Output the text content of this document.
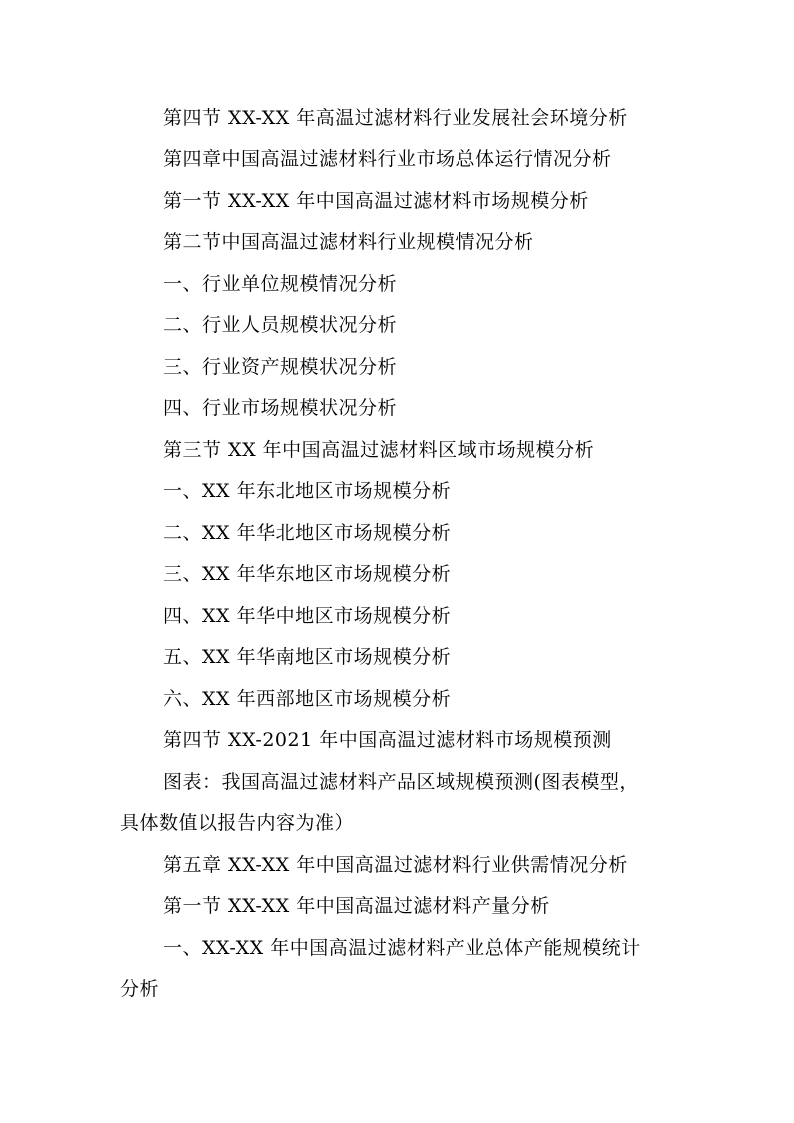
第四节 XX-XX 年高温过滤材料行业发展社会环境分析
第四章中国高温过滤材料行业市场总体运行情况分析
第一节 XX-XX 年中国高温过滤材料市场规模分析
第二节中国高温过滤材料行业规模情况分析
一、行业单位规模情况分析
二、行业人员规模状况分析
三、行业资产规模状况分析
四、行业市场规模状况分析
第三节 XX 年中国高温过滤材料区域市场规模分析
一、XX 年东北地区市场规模分析
二、XX 年华北地区市场规模分析
三、XX 年华东地区市场规模分析
四、XX 年华中地区市场规模分析
五、XX 年华南地区市场规模分析
六、XX 年西部地区市场规模分析
第四节 XX-2021 年中国高温过滤材料市场规模预测
图表：我国高温过滤材料产品区域规模预测(图表模型，
具体数值以报告内容为准）
第五章 XX-XX 年中国高温过滤材料行业供需情况分析
第一节 XX-XX 年中国高温过滤材料产量分析
一、XX-XX 年中国高温过滤材料产业总体产能规模统计
分析
